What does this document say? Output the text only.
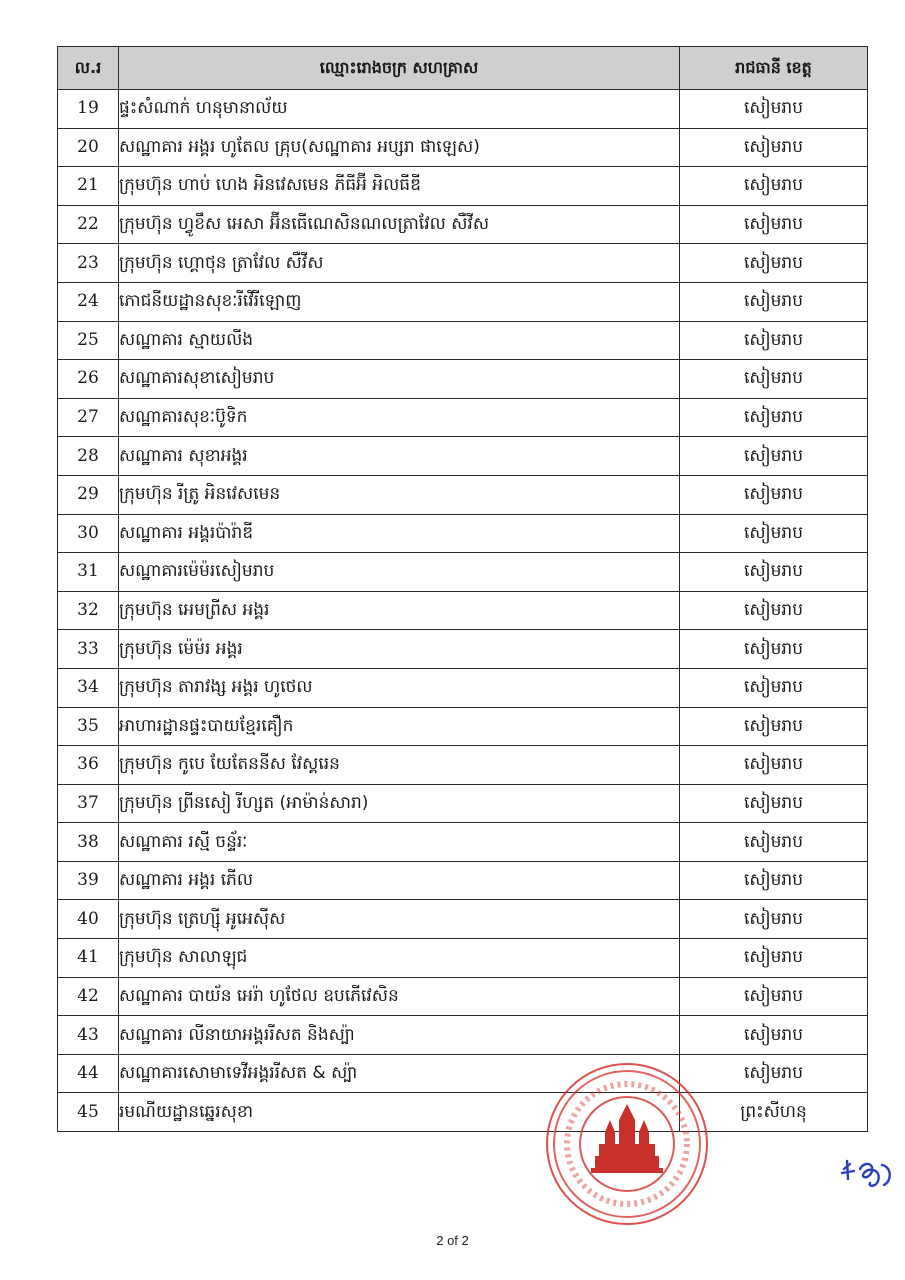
ល.រ	ឈ្មោះរោងចក្រ សហគ្រាស	រាជធានី ខេត្ត
19	ផ្ទះសំណាក់ ហនុមានាល័យ	សៀមរាប
20	សណ្ឋាគារ អង្គរ ហូតែល គ្រុប(សណ្ឋាគារ អប្សរា ផាឡេស)	សៀមរាប
21	ក្រុមហ៊ុន ហាប់ ហេង អិនវេសមេន ភីធីអ៊ី អិលធីឌី	សៀមរាប
22	ក្រុមហ៊ុន ហ្វូខឹស អេសា អ៊ីនធើណេសិនណលត្រាវែល សឺវីស	សៀមរាប
23	ក្រុមហ៊ុន ហ្គោថុន ត្រាវែល សឺវីស	សៀមរាប
24	ភោជនីយដ្ឋានសុខៈរីវើរីឡោញ	សៀមរាប
25	សណ្ឋាគារ ស្មាយលីង	សៀមរាប
26	សណ្ឋាគារសុខាសៀមរាប	សៀមរាប
27	សណ្ឋាគារសុខៈប៊ូទិក	សៀមរាប
28	សណ្ឋាគារ សុខាអង្គរ	សៀមរាប
29	ក្រុមហ៊ុន រីត្រូ អិនវេសមេន	សៀមរាប
30	សណ្ឋាគារ អង្គរប៉ារ៉ាឌី	សៀមរាប
31	សណ្ឋាគារម៉េម៉រសៀមរាប	សៀមរាប
32	ក្រុមហ៊ុន អេមព្រីស អង្គរ	សៀមរាប
33	ក្រុមហ៊ុន ម៉េម៉រ អង្គរ	សៀមរាប
34	ក្រុមហ៊ុន តារាវង្ស អង្គរ ហូថេល	សៀមរាប
35	អាហារដ្ឋានផ្ទះបាយខ្មែរគឿក	សៀមរាប
36	ក្រុមហ៊ុន កូបេ យែតែននីស វែស្គរេន	សៀមរាប
37	ក្រុមហ៊ុន ព្រីនសៀ រីហ្សត (អាម៉ាន់សារា)	សៀមរាប
38	សណ្ឋាគារ រស្មី ចន្ទ័រៈ	សៀមរាប
39	សណ្ឋាគារ អង្គរ ភើល	សៀមរាប
40	ក្រុមហ៊ុន ត្រេហ្ស៊ី អូអេស៊ីស	សៀមរាប
41	ក្រុមហ៊ុន សាលាឡុជ	សៀមរាប
42	សណ្ឋាគារ បាយ័ន អេរ៉ា ហូថែល ឧបភើវេសិន	សៀមរាប
43	សណ្ឋាគារ លីនាយាអង្គររីសត និងស្ប៉ា	សៀមរាប
44	សណ្ឋាគារសោមាទេវីអង្គររីសត & ស្ប៉ា	សៀមរាប
45	រមណីយដ្ឋានឆ្នេរសុខា	ព្រះសីហនុ
2 of 2
